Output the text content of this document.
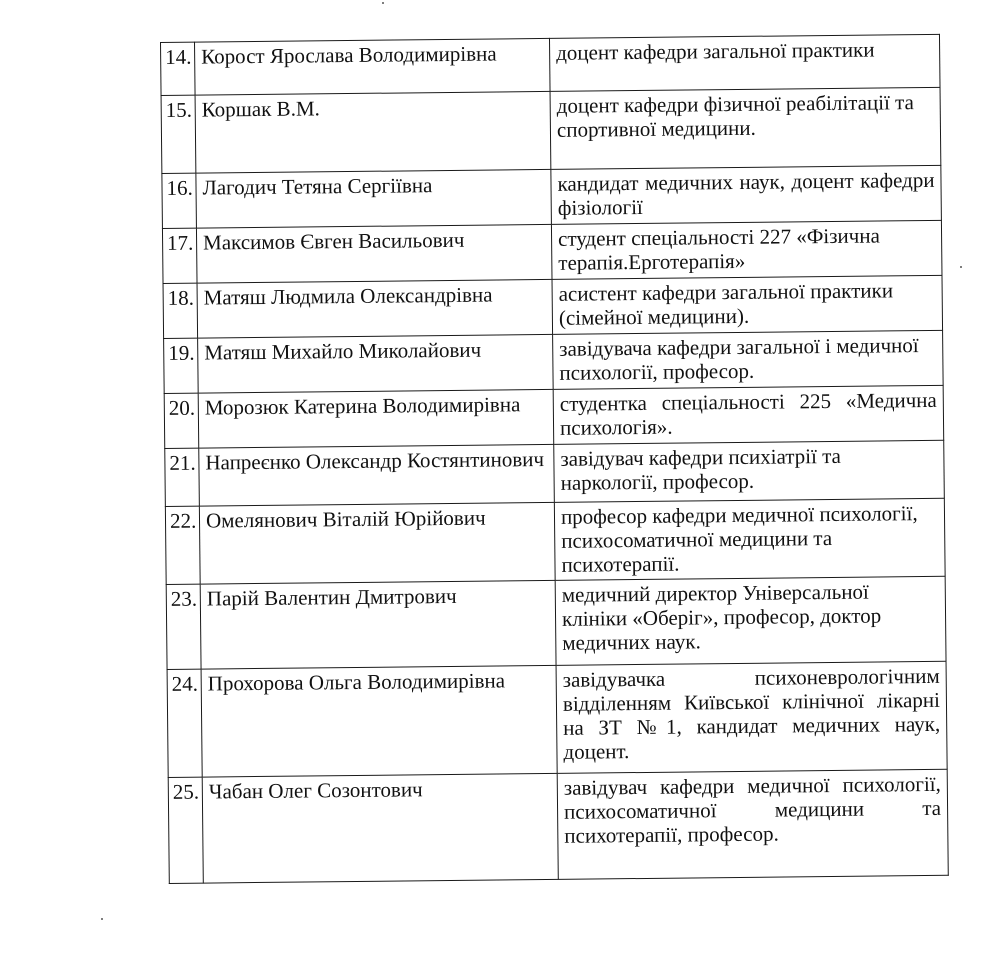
14.	Корост Ярослава Володимирівна	доцент кафедри загальної практики
15.	Коршак В.М.	доцент кафедри фізичної реабілітації та спортивної медицини.
16.	Лагодич Тетяна Сергіївна	кандидат медичних наук, доцент кафедри фізіології
17.	Максимов Євген Васильович	студент спеціальності 227 «Фізична терапія.Ерготерапія»
18.	Матяш Людмила Олександрівна	асистент кафедри загальної практики (сімейної медицини).
19.	Матяш Михайло Миколайович	завідувача кафедри загальної і медичної психології, професор.
20.	Морозюк Катерина Володимирівна	студентка спеціальності 225 «Медична психологія».
21.	Напреєнко Олександр Костянтинович	завідувач кафедри психіатрії та наркології, професор.
22.	Омелянович Віталій Юрійович	професор кафедри медичної психології, психосоматичної медицини та психотерапії.
23.	Парій Валентин Дмитрович	медичний директор Універсальної клініки «Оберіг», професор, доктор медичних наук.
24.	Прохорова Ольга Володимирівна	завідувачка психоневрологічним відділенням Київської клінічної лікарні на ЗТ №1, кандидат медичних наук, доцент.
25.	Чабан Олег Созонтович	завідувач кафедри медичної психології, психосоматичної медицини та психотерапії, професор.
